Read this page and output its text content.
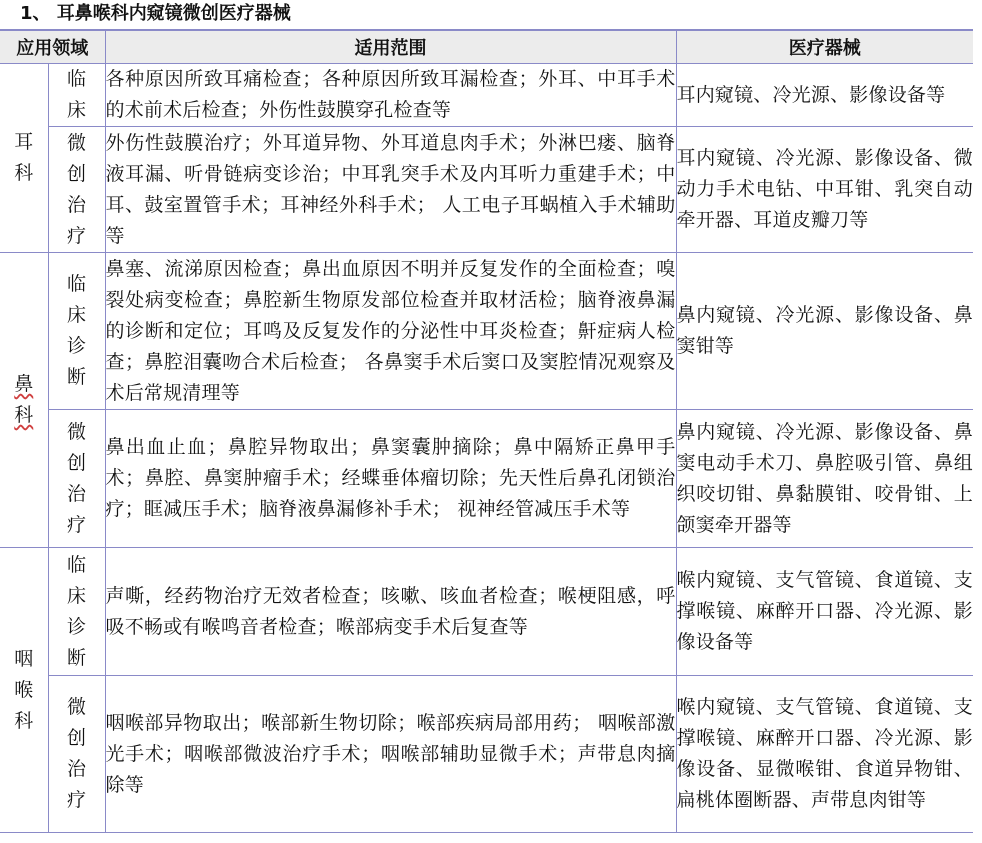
1、 耳鼻喉科内窥镜微创医疗器械
应用领域		适用范围	医疗器械
耳科	临床	各种原因所致耳痛检查；各种原因所致耳漏检查；外耳、中耳手术的术前术后检查；外伤性鼓膜穿孔检查等	耳内窥镜、冷光源、影像设备等
	微创治疗	外伤性鼓膜治疗；外耳道异物、外耳道息肉手术；外淋巴瘘、脑脊液耳漏、听骨链病变诊治；中耳乳突手术及内耳听力重建手术；中耳、鼓室置管手术；耳神经外科手术； 人工电子耳蜗植入手术辅助等	耳内窥镜、冷光源、影像设备、微动力手术电钻、中耳钳、乳突自动牵开器、耳道皮瓣刀等
鼻科	临床诊断	鼻塞、流涕原因检查；鼻出血原因不明并反复发作的全面检查；嗅裂处病变检查；鼻腔新生物原发部位检查并取材活检；脑脊液鼻漏的诊断和定位；耳鸣及反复发作的分泌性中耳炎检查；鼾症病人检查；鼻腔泪囊吻合术后检查； 各鼻窦手术后窦口及窦腔情况观察及术后常规清理等	鼻内窥镜、冷光源、影像设备、鼻窦钳等
	微创治疗	鼻出血止血；鼻腔异物取出；鼻窦囊肿摘除；鼻中隔矫正鼻甲手术；鼻腔、鼻窦肿瘤手术；经蝶垂体瘤切除；先天性后鼻孔闭锁治疗；眶减压手术；脑脊液鼻漏修补手术； 视神经管减压手术等	鼻内窥镜、冷光源、影像设备、鼻窦电动手术刀、鼻腔吸引管、鼻组织咬切钳、鼻黏膜钳、咬骨钳、上颌窦牵开器等
咽喉科	临床诊断	声嘶，经药物治疗无效者检查；咳嗽、咳血者检查；喉梗阻感，呼吸不畅或有喉鸣音者检查；喉部病变手术后复查等	喉内窥镜、支气管镜、食道镜、支撑喉镜、麻醉开口器、冷光源、影像设备等
	微创治疗	咽喉部异物取出；喉部新生物切除；喉部疾病局部用药； 咽喉部激光手术；咽喉部微波治疗手术；咽喉部辅助显微手术；声带息肉摘除等	喉内窥镜、支气管镜、食道镜、支撑喉镜、麻醉开口器、冷光源、影像设备、显微喉钳、食道异物钳、扁桃体圈断器、声带息肉钳等
